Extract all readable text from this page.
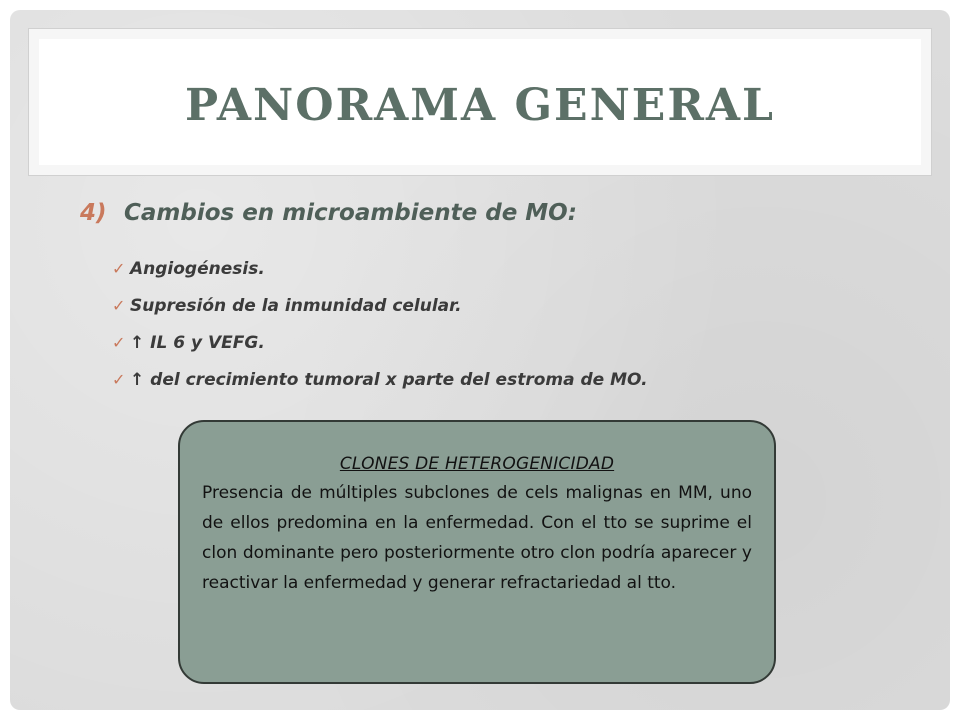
PANORAMA GENERAL
4) Cambios en microambiente de MO:
✓ Angiogénesis.
✓ Supresión de la inmunidad celular.
✓ ↑ IL 6 y VEFG.
✓ ↑ del crecimiento tumoral x parte del estroma de MO.

CLONES DE HETEROGENICIDAD

Presencia de múltiples subclones de cels malignas en MM, uno de ellos predomina en la enfermedad. Con el tto se suprime el clon dominante pero posteriormente otro clon podría aparecer y reactivar la enfermedad y generar refractariedad al tto.
